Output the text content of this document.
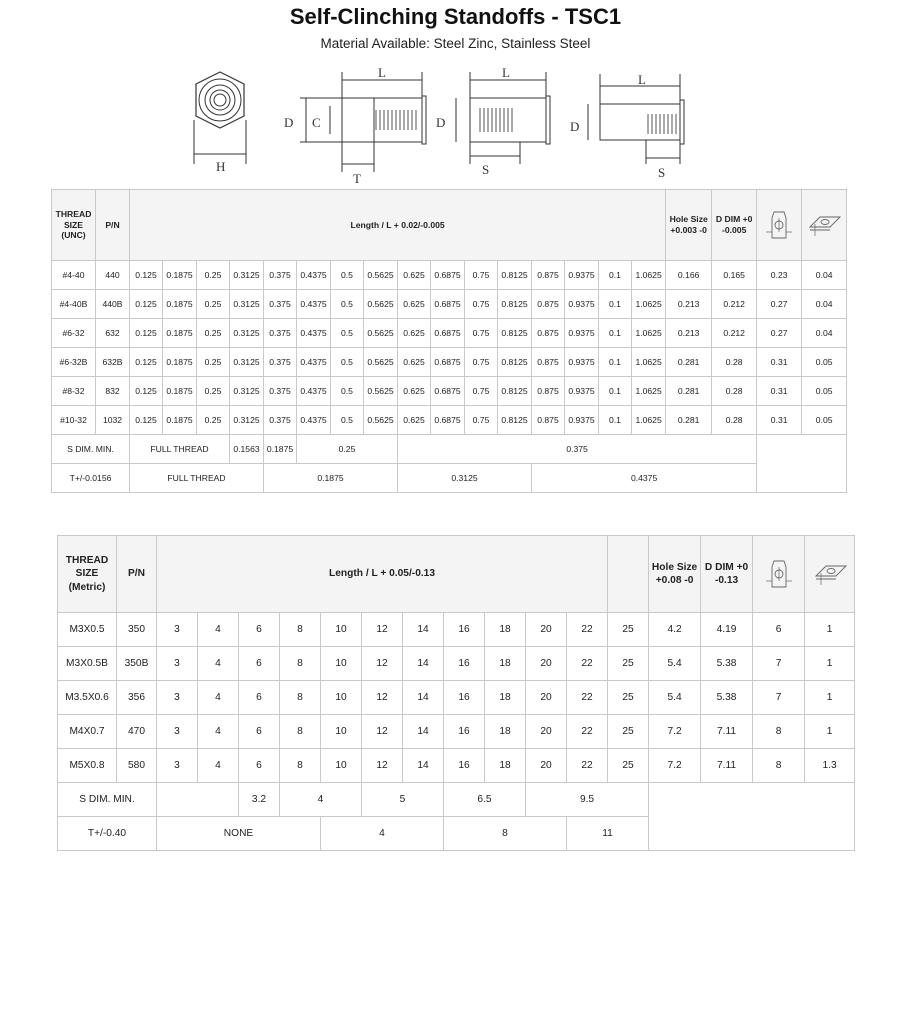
Self-Clinching Standoffs - TSC1
Material Available: Steel Zinc, Stainless Steel
H
L
D C
T
L
D
S
L
D
S
THREAD SIZE (UNC)	P/N	Length / L + 0.02/-0.005																Hole Size +0.003 -0	D DIM +0 -0.005	

#4-40	440	0.125	0.1875	0.25	0.3125	0.375	0.4375	0.5	0.5625	0.625	0.6875	0.75	0.8125	0.875	0.9375	0.1	1.0625	0.166	0.165	0.23	0.04
#4-40B	440B	0.125	0.1875	0.25	0.3125	0.375	0.4375	0.5	0.5625	0.625	0.6875	0.75	0.8125	0.875	0.9375	0.1	1.0625	0.213	0.212	0.27	0.04
#6-32	632	0.125	0.1875	0.25	0.3125	0.375	0.4375	0.5	0.5625	0.625	0.6875	0.75	0.8125	0.875	0.9375	0.1	1.0625	0.213	0.212	0.27	0.04
#6-32B	632B	0.125	0.1875	0.25	0.3125	0.375	0.4375	0.5	0.5625	0.625	0.6875	0.75	0.8125	0.875	0.9375	0.1	1.0625	0.281	0.28	0.31	0.05
#8-32	832	0.125	0.1875	0.25	0.3125	0.375	0.4375	0.5	0.5625	0.625	0.6875	0.75	0.8125	0.875	0.9375	0.1	1.0625	0.281	0.28	0.31	0.05
#10-32	1032	0.125	0.1875	0.25	0.3125	0.375	0.4375	0.5	0.5625	0.625	0.6875	0.75	0.8125	0.875	0.9375	0.1	1.0625	0.281	0.28	0.31	0.05
S DIM. MIN.		FULL THREAD			0.1563	0.1875	0.25			0.375											
T+/-0.0156		FULL THREAD				0.1875				0.3125				0.4375							
THREAD SIZE (Metric)	P/N	Length / L + 0.05/-0.13												Hole Size +0.08 -0	D DIM +0 -0.13	

M3X0.5	350	3	4	6	8	10	12	14	16	18	20	22	25	4.2	4.19	6	1
M3X0.5B	350B	3	4	6	8	10	12	14	16	18	20	22	25	5.4	5.38	7	1
M3.5X0.6	356	3	4	6	8	10	12	14	16	18	20	22	25	5.4	5.38	7	1
M4X0.7	470	3	4	6	8	10	12	14	16	18	20	22	25	7.2	7.11	8	1
M5X0.8	580	3	4	6	8	10	12	14	16	18	20	22	25	7.2	7.11	8	1.3
S DIM. MIN.				3.2	4		5		6.5		9.5						
T+/-0.40		NONE				4			8			11					
